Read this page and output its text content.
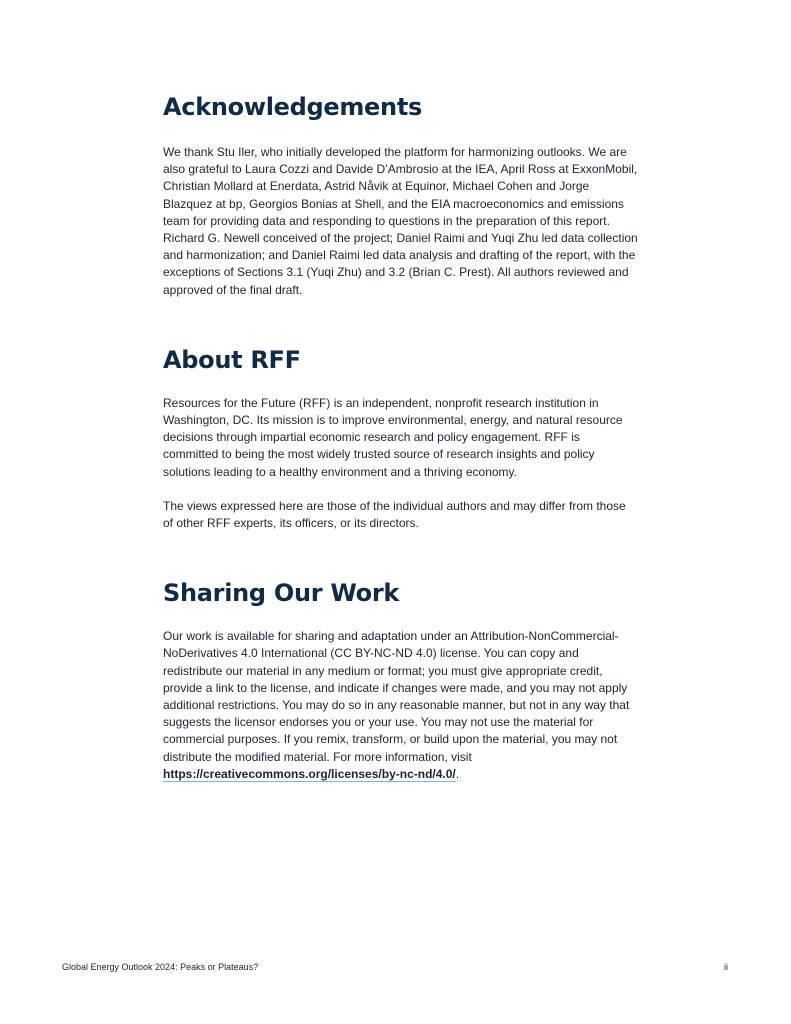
Acknowledgements

We thank Stu Iler, who initially developed the platform for harmonizing outlooks. We are also grateful to Laura Cozzi and Davide D’Ambrosio at the IEA, April Ross at ExxonMobil, Christian Mollard at Enerdata, Astrid Nåvik at Equinor, Michael Cohen and Jorge Blazquez at bp, Georgios Bonias at Shell, and the EIA macroeconomics and emissions team for providing data and responding to questions in the preparation of this report. Richard G. Newell conceived of the project; Daniel Raimi and Yuqi Zhu led data collection and harmonization; and Daniel Raimi led data analysis and drafting of the report, with the exceptions of Sections 3.1 (Yuqi Zhu) and 3.2 (Brian C. Prest). All authors reviewed and approved of the final draft.

About RFF

Resources for the Future (RFF) is an independent, nonprofit research institution in Washington, DC. Its mission is to improve environmental, energy, and natural resource decisions through impartial economic research and policy engagement. RFF is committed to being the most widely trusted source of research insights and policy solutions leading to a healthy environment and a thriving economy.

The views expressed here are those of the individual authors and may differ from those of other RFF experts, its officers, or its directors.

Sharing Our Work

Our work is available for sharing and adaptation under an Attribution-NonCommercial-NoDerivatives 4.0 International (CC BY-NC-ND 4.0) license. You can copy and redistribute our material in any medium or format; you must give appropriate credit, provide a link to the license, and indicate if changes were made, and you may not apply additional restrictions. You may do so in any reasonable manner, but not in any way that suggests the licensor endorses you or your use. You may not use the material for commercial purposes. If you remix, transform, or build upon the material, you may not distribute the modified material. For more information, visit https://creativecommons.org/licenses/by-nc-nd/4.0/.

Global Energy Outlook 2024: Peaks or Plateaus?	ii
